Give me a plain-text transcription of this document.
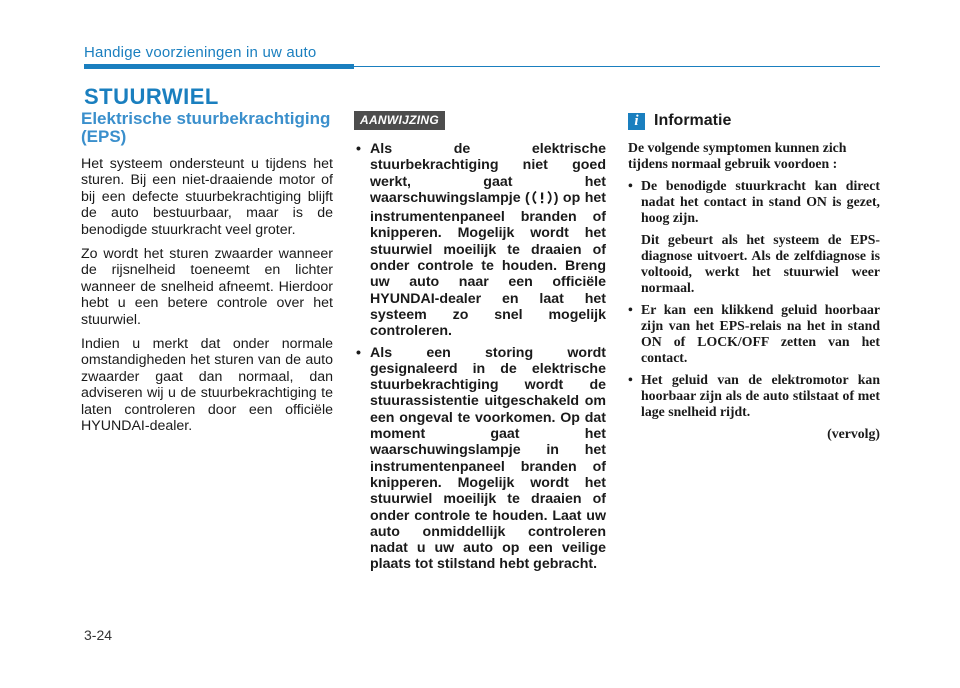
Handige voorzieningen in uw auto
STUURWIEL
Elektrische stuurbekrachtiging (EPS)

Het systeem ondersteunt u tijdens het sturen. Bij een niet-draaiende motor of bij een defecte stuurbekrachtiging blijft de auto bestuurbaar, maar is de benodigde stuurkracht veel groter.

Zo wordt het sturen zwaarder wanneer de rijsnelheid toeneemt en lichter wanneer de snelheid afneemt. Hierdoor hebt u een betere controle over het stuurwiel.

Indien u merkt dat onder normale omstandigheden het sturen van de auto zwaarder gaat dan normaal, dan adviseren wij u de stuurbekrachtiging te laten controleren door een officiële HYUNDAI-dealer.

AANWIJZING
• Als de elektrische stuurbekrachtiging niet goed werkt, gaat het waarschuwingslampje ( ) op het instrumentenpaneel branden of knipperen. Mogelijk wordt het stuurwiel moeilijk te draaien of onder controle te houden. Breng uw auto naar een officiële HYUNDAI-dealer en laat het systeem zo snel mogelijk controleren.
• Als een storing wordt gesignaleerd in de elektrische stuurbekrachtiging wordt de stuurassistentie uitgeschakeld om een ongeval te voorkomen. Op dat moment gaat het waarschuwingslampje in het instrumentenpaneel branden of knipperen. Mogelijk wordt het stuurwiel moeilijk te draaien of onder controle te houden. Laat uw auto onmiddellijk controleren nadat u uw auto op een veilige plaats tot stilstand hebt gebracht.
i Informatie
De volgende symptomen kunnen zich tijdens normaal gebruik voordoen :
• De benodigde stuurkracht kan direct nadat het contact in stand ON is gezet, hoog zijn.
Dit gebeurt als het systeem de EPS-diagnose uitvoert. Als de zelfdiagnose is voltooid, werkt het stuurwiel weer normaal.
• Er kan een klikkend geluid hoorbaar zijn van het EPS-relais na het in stand ON of LOCK/OFF zetten van het contact.
• Het geluid van de elektromotor kan hoorbaar zijn als de auto stilstaat of met lage snelheid rijdt.
(vervolg)
3-24
